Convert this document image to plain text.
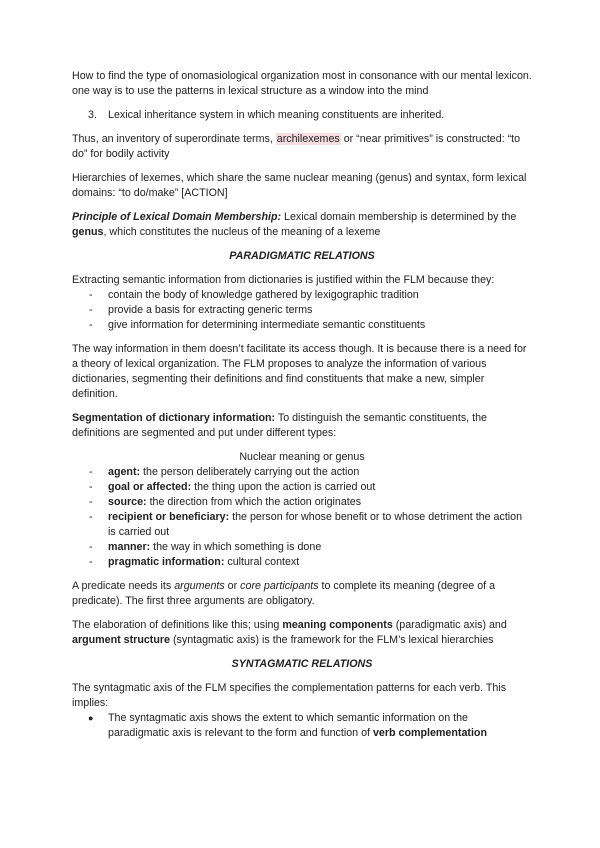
How to find the type of onomasiological organization most in consonance with our mental lexicon. one way is to use the patterns in lexical structure as a window into the mind

3. Lexical inheritance system in which meaning constituents are inherited.

Thus, an inventory of superordinate terms, archilexemes or “near primitives” is constructed: “to do” for bodily activity

Hierarchies of lexemes, which share the same nuclear meaning (genus) and syntax, form lexical domains: “to do/make” [ACTION]

Principle of Lexical Domain Membership: Lexical domain membership is determined by the genus, which constitutes the nucleus of the meaning of a lexeme

PARADIGMATIC RELATIONS

Extracting semantic information from dictionaries is justified within the FLM because they:

- contain the body of knowledge gathered by lexigographic tradition
- provide a basis for extracting generic terms
- give information for determining intermediate semantic constituents

The way information in them doesn’t facilitate its access though. It is because there is a need for a theory of lexical organization. The FLM proposes to analyze the information of various dictionaries, segmenting their definitions and find constituents that make a new, simpler definition.

Segmentation of dictionary information: To distinguish the semantic constituents, the definitions are segmented and put under different types:

Nuclear meaning or genus

- agent: the person deliberately carrying out the action
- goal or affected: the thing upon the action is carried out
- source: the direction from which the action originates
- recipient or beneficiary: the person for whose benefit or to whose detriment the action is carried out
- manner: the way in which something is done
- pragmatic information: cultural context

A predicate needs its arguments or core participants to complete its meaning (degree of a predicate). The first three arguments are obligatory.

The elaboration of definitions like this; using meaning components (paradigmatic axis) and argument structure (syntagmatic axis) is the framework for the FLM’s lexical hierarchies

SYNTAGMATIC RELATIONS

The syntagmatic axis of the FLM specifies the complementation patterns for each verb. This implies:

● The syntagmatic axis shows the extent to which semantic information on the paradigmatic axis is relevant to the form and function of verb complementation
